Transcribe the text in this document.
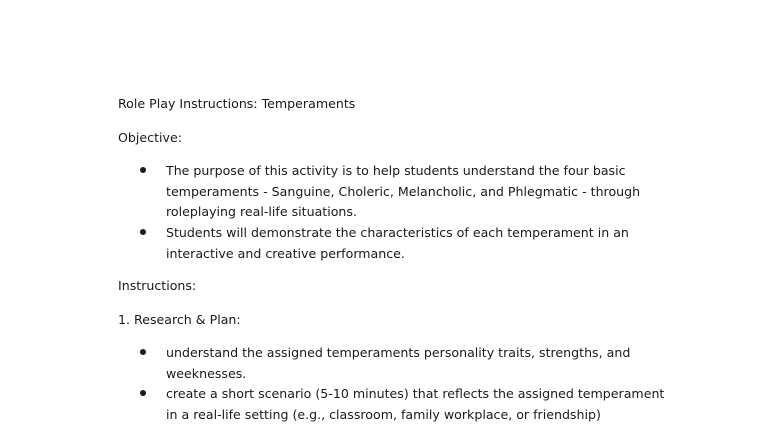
Role Play Instructions: Temperaments
Objective:
The purpose of this activity is to help students understand the four basic temperaments - Sanguine, Choleric, Melancholic, and Phlegmatic - through roleplaying real-life situations.
Students will demonstrate the characteristics of each temperament in an interactive and creative performance.
Instructions:
1. Research & Plan:
understand the assigned temperaments personality traits, strengths, and weeknesses.
create a short scenario (5-10 minutes) that reflects the assigned temperament in a real-life setting (e.g., classroom, family workplace, or friendship)
